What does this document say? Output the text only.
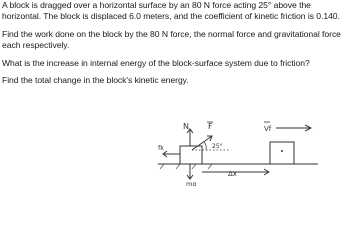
A block is dragged over a horizontal surface by an 80 N force acting 25° above the horizontal. The block is displaced 6.0 meters, and the coefficient of kinetic friction is 0.140.

Find the work done on the block by the 80 N force, the normal force and gravitational force each respectively.

What is the increase in internal energy of the block-surface system due to friction?

Find the total change in the block's kinetic energy.

N F
25°
fk
mg
Δx
Vf
